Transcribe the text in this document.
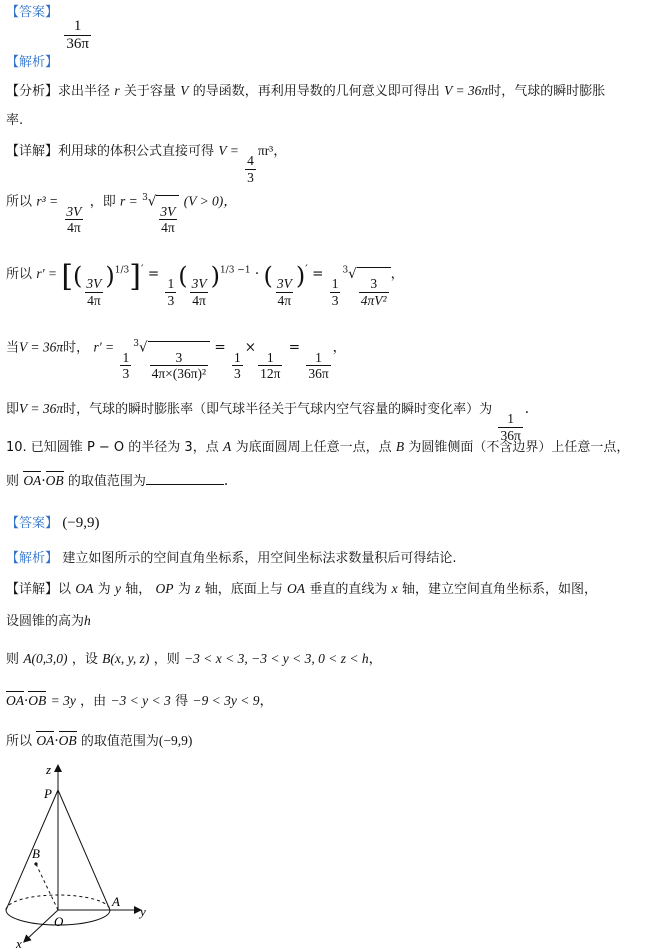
【答案】
$\frac{1}{36\pi}$
【解析】
【分析】求出半径 r 关于容量 V 的导函数，再利用导数的几何意义即可得出 V = 36π时，气球的瞬时膨胀
率.
【详解】利用球的体积公式直接可得 V =
$\frac{4}{3}$
πr³，
所以 r³ =
$\frac{3V}{4\pi}$
，即 r = $^3$√
$\frac{3V}{4\pi}$
(V > 0)，
所以 r′ = [( $\frac{3V}{4\pi} )^{1/3}]'$ =
$\frac{1}{3}$ ( $\frac{3V}{4\pi} )^{1/3 -1}$ · ( $\frac{3V}{4\pi} )'$ =
$\frac{1}{3}$
$^3$√
$\frac{3}{\text{4πV²}}$
，
当V = 36π时， r′ =
$\frac{1}{3}$
$^3$√
$\frac{3}{\text{4π×(36π)²}}$
=
$\frac{1}{3}$
×
$\frac{1}{12\pi}$
=
$\frac{1}{36\pi}$
，
即V = 36π时，气球的瞬时膨胀率（即气球半径关于气球内空气容量的瞬时变化率）为
$\frac{1}{36\pi}$
.
10. 已知圆锥 P − O 的半径为 3，点 A 为底面圆周上任意一点，点 B 为圆锥侧面（不含边界）上任意一点，
则 OA·OB 的取值范围为	.
【答案】 (−9,9)
【解析】 建立如图所示的空间直角坐标系，用空间坐标法求数量积后可得结论.
【详解】以 OA 为 y 轴， OP 为 z 轴，底面上与 OA 垂直的直线为 x 轴，建立空间直角坐标系，如图，
设圆锥的高为h
则 A(0,3,0) ，设 B(x, y, z) ，则 −3 < x < 3, −3 < y < 3, 0 < z < h，
OA·OB = 3y ，由 −3 < y < 3 得 −9 < 3y < 9，
所以 OA·OB 的取值范围为(−9,9)
z
P
B
A
O
y
x
